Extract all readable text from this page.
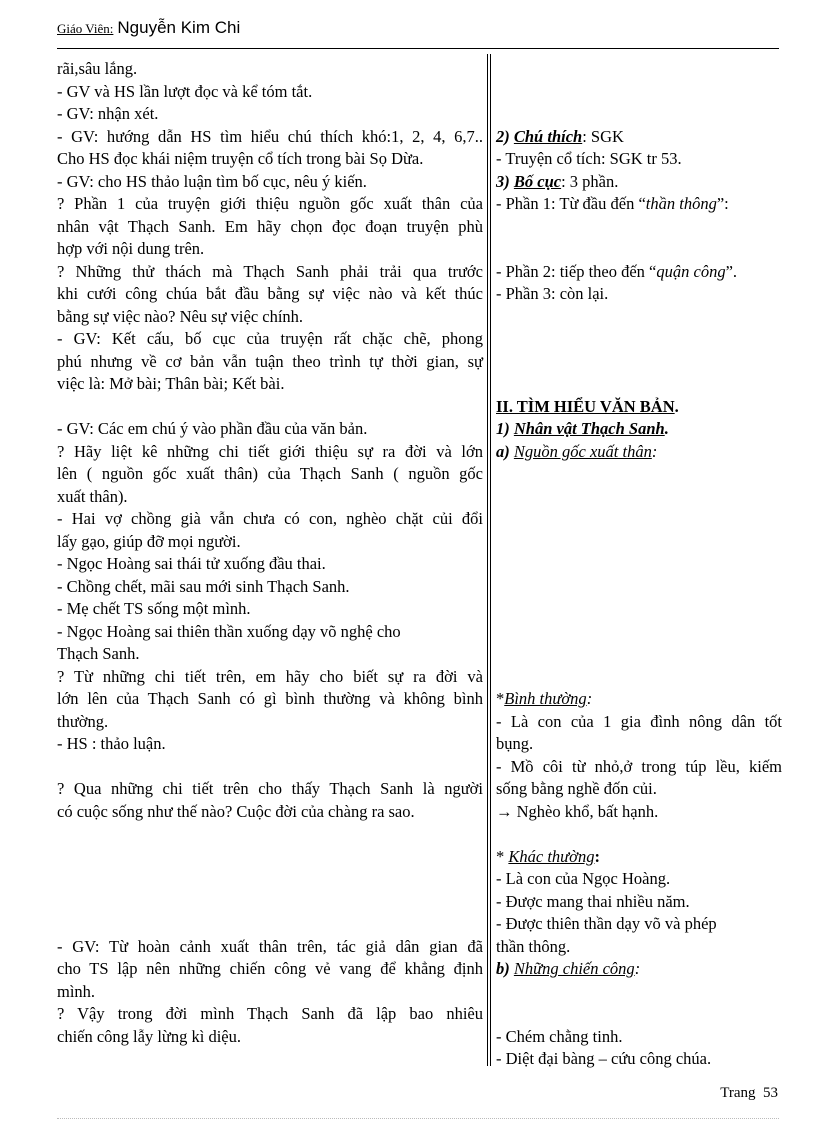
Giáo Viên: Nguyễn Kim Chi
rãi,sâu lắng.
- GV và HS lần lượt đọc và kể tóm tắt.
- GV: nhận xét.
- GV: hướng dẫn HS tìm hiểu chú thích khó:1, 2, 4, 6,7..
Cho HS đọc khái niệm truyện cổ tích trong bài Sọ Dừa.
- GV: cho HS thảo luận tìm bố cục, nêu ý kiến.
? Phần 1 của truyện giới thiệu nguồn gốc xuất thân của
nhân vật Thạch Sanh. Em hãy chọn đọc đoạn truyện phù
hợp với nội dung trên.
? Những thử thách mà Thạch Sanh phải trải qua trước
khi cưới công chúa bắt đầu bằng sự việc nào và kết thúc
bằng sự việc nào? Nêu sự việc chính.
- GV: Kết cấu, bố cục của truyện rất chặc chẽ, phong
phú nhưng về cơ bản vẫn tuận theo trình tự thời gian, sự
việc là: Mở bài; Thân bài; Kết bài.
- GV: Các em chú ý vào phần đầu của văn bản.
? Hãy liệt kê những chi tiết giới thiệu sự ra đời và lớn
lên ( nguồn gốc xuất thân) của Thạch Sanh ( nguồn gốc
xuất thân).
- Hai vợ chồng già vẫn chưa có con, nghèo chặt củi đổi
lấy gạo, giúp đỡ mọi người.
- Ngọc Hoàng sai thái tử xuống đầu thai.
- Chồng chết, mãi sau mới sinh Thạch Sanh.
- Mẹ chết TS sống một mình.
- Ngọc Hoàng sai thiên thần xuống dạy võ nghệ cho
Thạch Sanh.
? Từ những chi tiết trên, em hãy cho biết sự ra đời và
lớn lên của Thạch Sanh có gì bình thường và không bình
thường.
- HS : thảo luận.
? Qua những chi tiết trên cho thấy Thạch Sanh là người
có cuộc sống như thế nào? Cuộc đời của chàng ra sao.
- GV: Từ hoàn cảnh xuất thân trên, tác giả dân gian đã
cho TS lập nên những chiến công vẻ vang để khẳng định
mình.
? Vậy trong đời mình Thạch Sanh đã lập bao nhiêu
chiến công lẫy lừng kì diệu.
2) Chú thích: SGK
- Truyện cổ tích: SGK tr 53.
3) Bố cục: 3 phần.
- Phần 1: Từ đầu đến “thần thông”:
- Phần 2: tiếp theo đến “quận công”.
- Phần 3: còn lại.
II. TÌM HIỂU VĂN BẢN.
1) Nhân vật Thạch Sanh.
a) Nguồn gốc xuất thân:
*Bình thường:
- Là con của 1 gia đình nông dân tốt
bụng.
- Mồ côi từ nhỏ,ở trong túp lều, kiếm
sống bằng nghề đốn củi.
→ Nghèo khổ, bất hạnh.
* Khác thường:
- Là con của Ngọc Hoàng.
- Được mang thai nhiều năm.
- Được thiên thần dạy võ và phép
thần thông.
b) Những chiến công:
- Chém chằng tinh.
- Diệt đại bàng – cứu công chúa.
Trang 53
